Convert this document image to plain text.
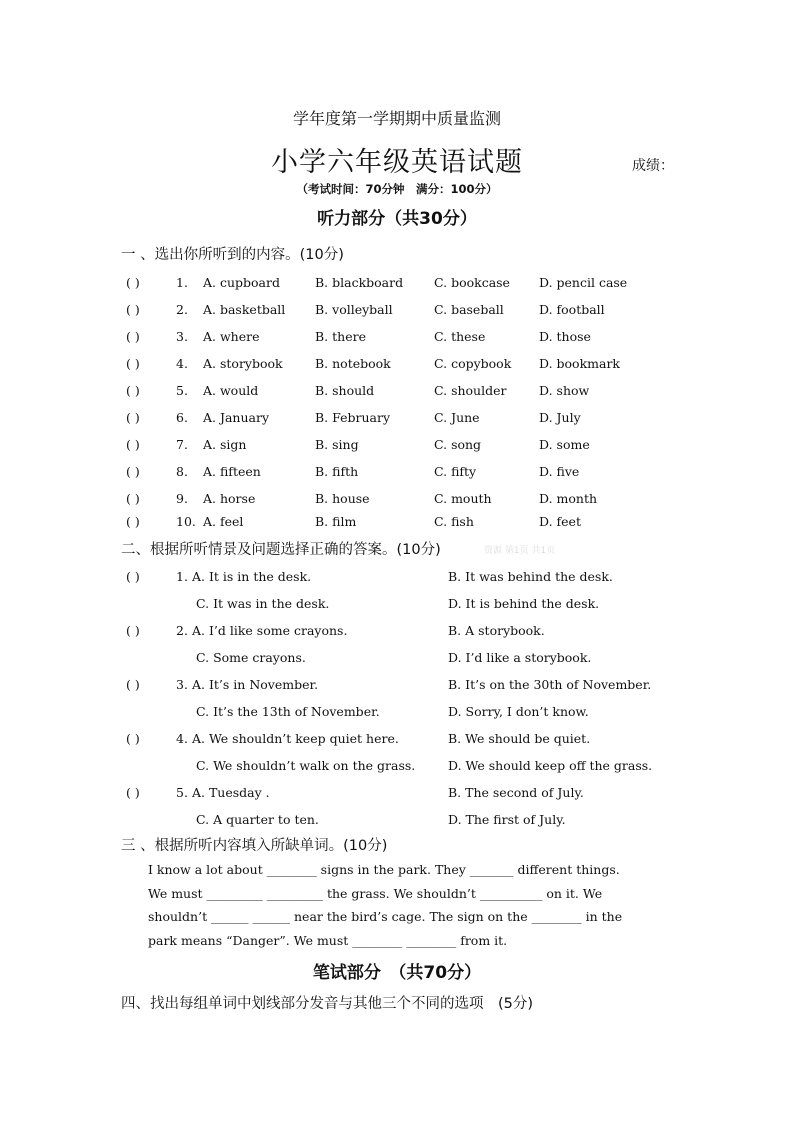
学年度第一学期期中质量监测
小学六年级英语试题	成绩：
（考试时间：70分钟　满分：100分）
听力部分（共30分）
一 、选出你所听到的内容。(10分)
( )	1. A. cupboard	B. blackboard C. bookcase D. pencil case
( )	2. A. basketball B. volleyball	C. baseball	D. football
( )	3. A. where	B. there	C. these	D. those
( )	4. A. storybook	B. notebook	C. copybook D. bookmark
( )	5. A. would	B. should	C. shoulder	D. show
( )	6. A. January	B. February	C. June	D. July
( )	7. A. sign	B. sing	C. song	D. some
( )	8. A. fifteen	B. fifth	C. fifty	D. five
( )	9. A. horse	B. house	C. mouth	D. month
( )	10. A. feel	B. film	C. fish	D. feet
二、根据所听情景及问题选择正确的答案。(10分)	资源 第1页 共1页
( )	1. A. It is in the desk.	B. It was behind the desk.
C. It was in the desk.	D. It is behind the desk.
( )	2. A. I’d like some crayons.	B. A storybook.
C. Some crayons.	D. I’d like a storybook.
( )	3. A. It’s in November.	B. It’s on the 30th of November.
C. It’s the 13th of November.	D. Sorry, I don’t know.
( )	4. A. We shouldn’t keep quiet here.	B. We should be quiet.
C. We shouldn’t walk on the grass.	D. We should keep off the grass.
( )	5. A. Tuesday .	B. The second of July.
C. A quarter to ten.	D. The first of July.
三 、根据所听内容填入所缺单词。(10分)
I know a lot about ________ signs in the park. They _______ different things.
We must _________ _________ the grass. We shouldn’t __________ on it. We
shouldn’t ______ ______ near the bird’s cage. The sign on the ________ in the
park means “Danger”. We must ________ ________ from it.
笔试部分　（共70分）
四、找出每组单词中划线部分发音与其他三个不同的选项　(5分)
